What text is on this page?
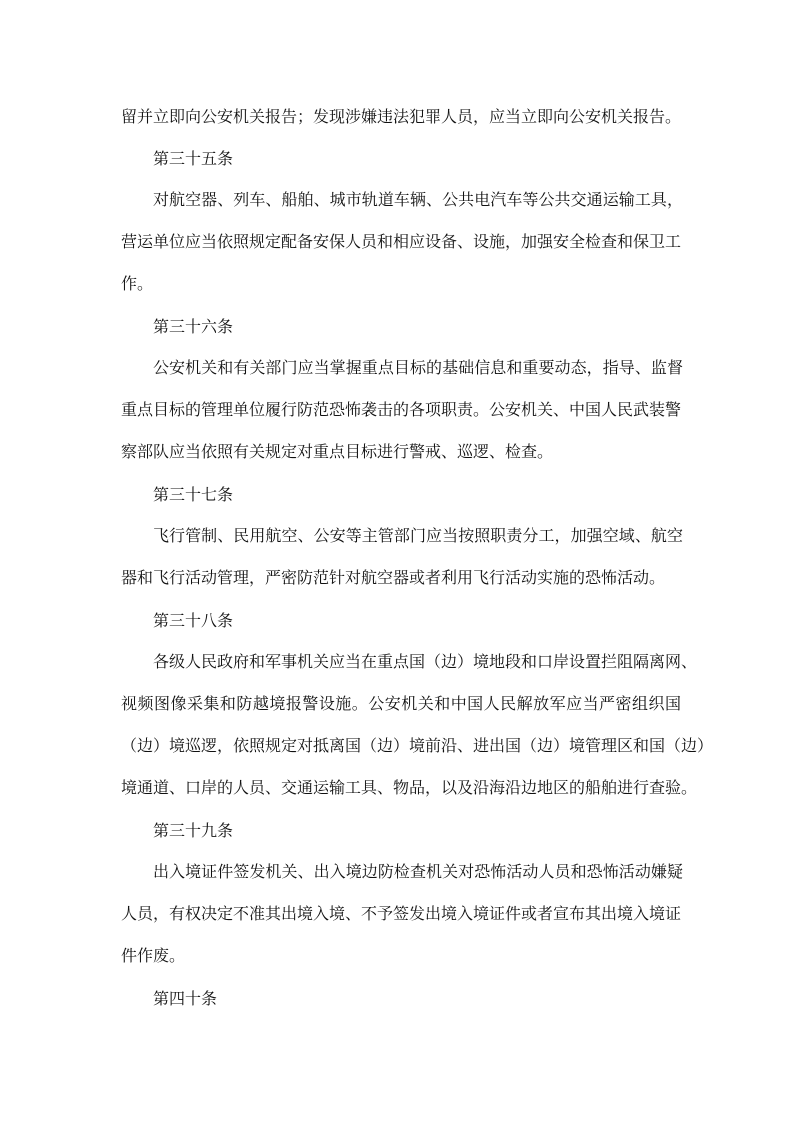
留并立即向公安机关报告；发现涉嫌违法犯罪人员，应当立即向公安机关报告。

第三十五条

对航空器、列车、船舶、城市轨道车辆、公共电汽车等公共交通运输工具，

营运单位应当依照规定配备安保人员和相应设备、设施，加强安全检查和保卫工

作。

第三十六条

公安机关和有关部门应当掌握重点目标的基础信息和重要动态，指导、监督

重点目标的管理单位履行防范恐怖袭击的各项职责。公安机关、中国人民武装警

察部队应当依照有关规定对重点目标进行警戒、巡逻、检查。

第三十七条

飞行管制、民用航空、公安等主管部门应当按照职责分工，加强空域、航空

器和飞行活动管理，严密防范针对航空器或者利用飞行活动实施的恐怖活动。

第三十八条

各级人民政府和军事机关应当在重点国（边）境地段和口岸设置拦阻隔离网、

视频图像采集和防越境报警设施。公安机关和中国人民解放军应当严密组织国

（边）境巡逻，依照规定对抵离国（边）境前沿、进出国（边）境管理区和国（边）

境通道、口岸的人员、交通运输工具、物品，以及沿海沿边地区的船舶进行查验。

第三十九条

出入境证件签发机关、出入境边防检查机关对恐怖活动人员和恐怖活动嫌疑

人员，有权决定不准其出境入境、不予签发出境入境证件或者宣布其出境入境证

件作废。

第四十条
